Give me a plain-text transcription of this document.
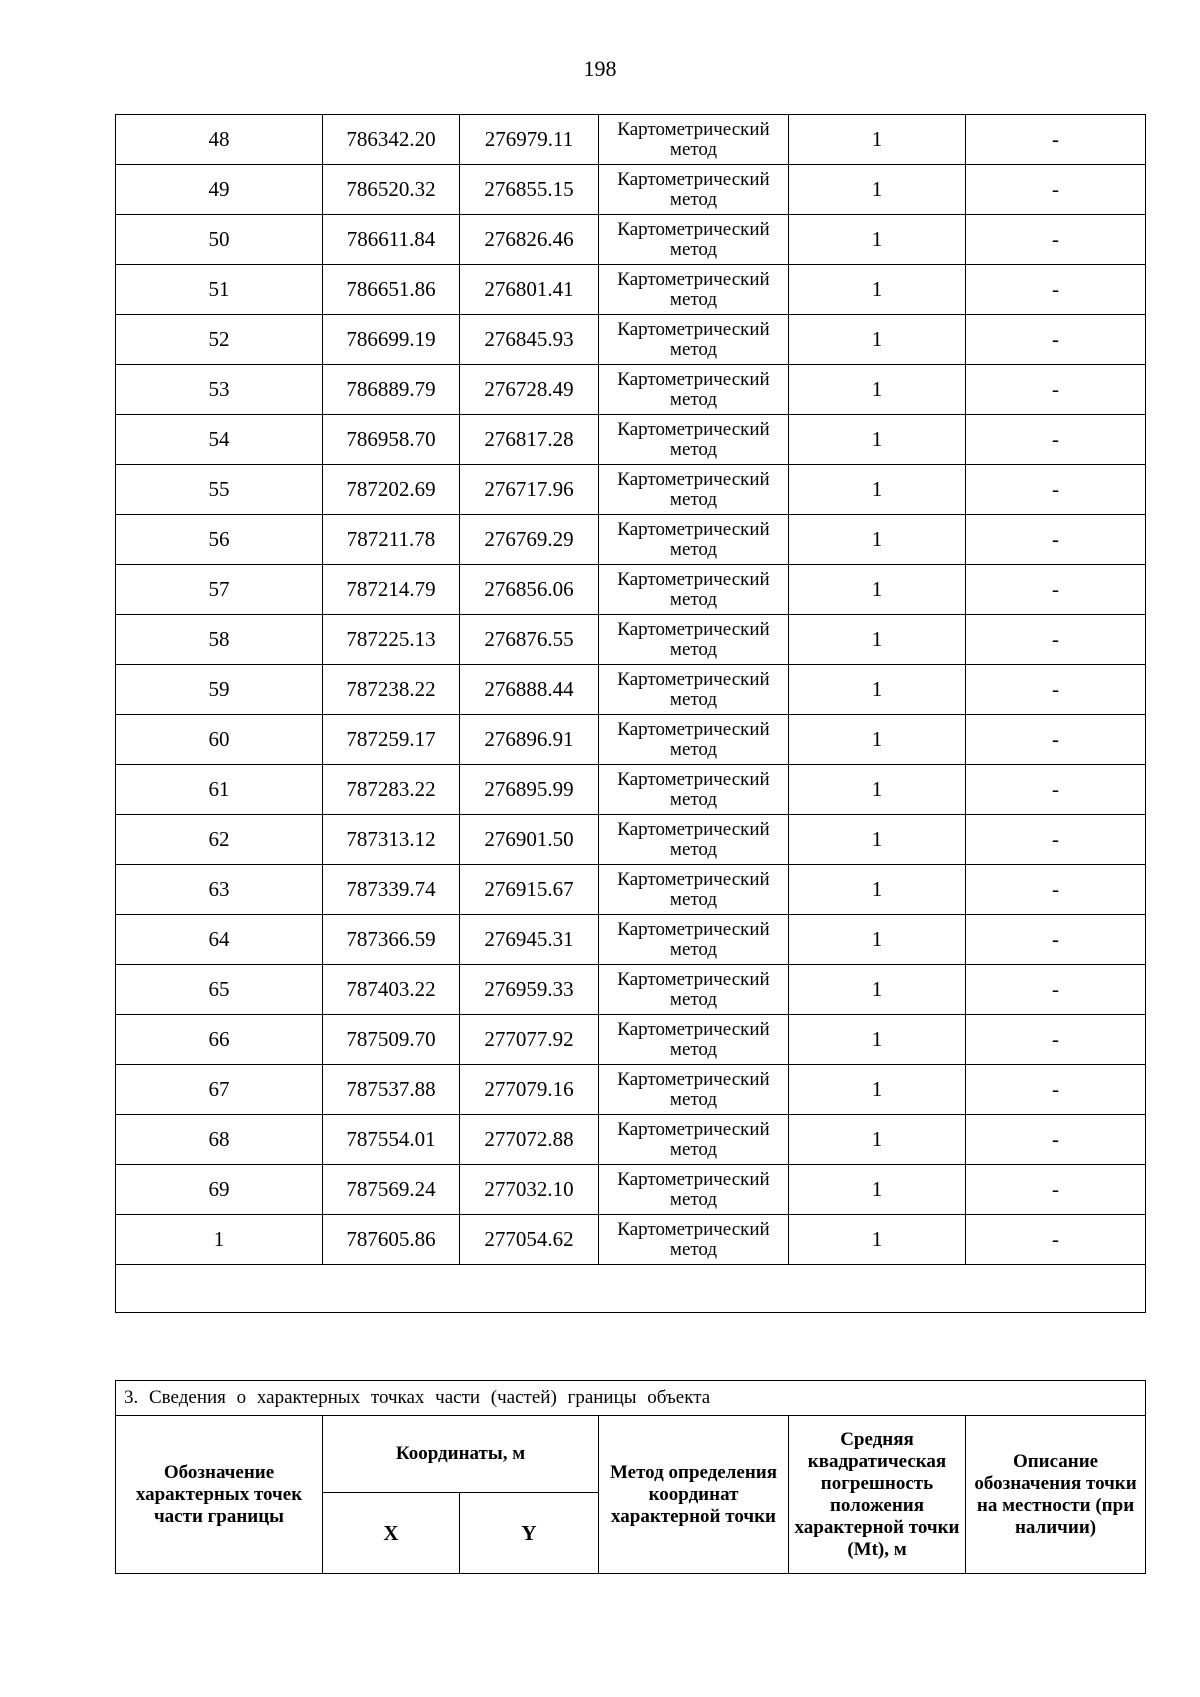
198
48	786342.20	276979.11	Картометрический метод	1	-
49	786520.32	276855.15	Картометрический метод	1	-
50	786611.84	276826.46	Картометрический метод	1	-
51	786651.86	276801.41	Картометрический метод	1	-
52	786699.19	276845.93	Картометрический метод	1	-
53	786889.79	276728.49	Картометрический метод	1	-
54	786958.70	276817.28	Картометрический метод	1	-
55	787202.69	276717.96	Картометрический метод	1	-
56	787211.78	276769.29	Картометрический метод	1	-
57	787214.79	276856.06	Картометрический метод	1	-
58	787225.13	276876.55	Картометрический метод	1	-
59	787238.22	276888.44	Картометрический метод	1	-
60	787259.17	276896.91	Картометрический метод	1	-
61	787283.22	276895.99	Картометрический метод	1	-
62	787313.12	276901.50	Картометрический метод	1	-
63	787339.74	276915.67	Картометрический метод	1	-
64	787366.59	276945.31	Картометрический метод	1	-
65	787403.22	276959.33	Картометрический метод	1	-
66	787509.70	277077.92	Картометрический метод	1	-
67	787537.88	277079.16	Картометрический метод	1	-
68	787554.01	277072.88	Картометрический метод	1	-
69	787569.24	277032.10	Картометрический метод	1	-
1	787605.86	277054.62	Картометрический метод	1	-

3. Сведения о характерных точках части (частей) границы объекта					
Обозначение характерных точек части границы	Координаты, м		Метод определения координат характерной точки	Средняя квадратическая погрешность положения характерной точки (Mt), м	Описание обозначения точки на местности (при наличии)
	X	Y			
